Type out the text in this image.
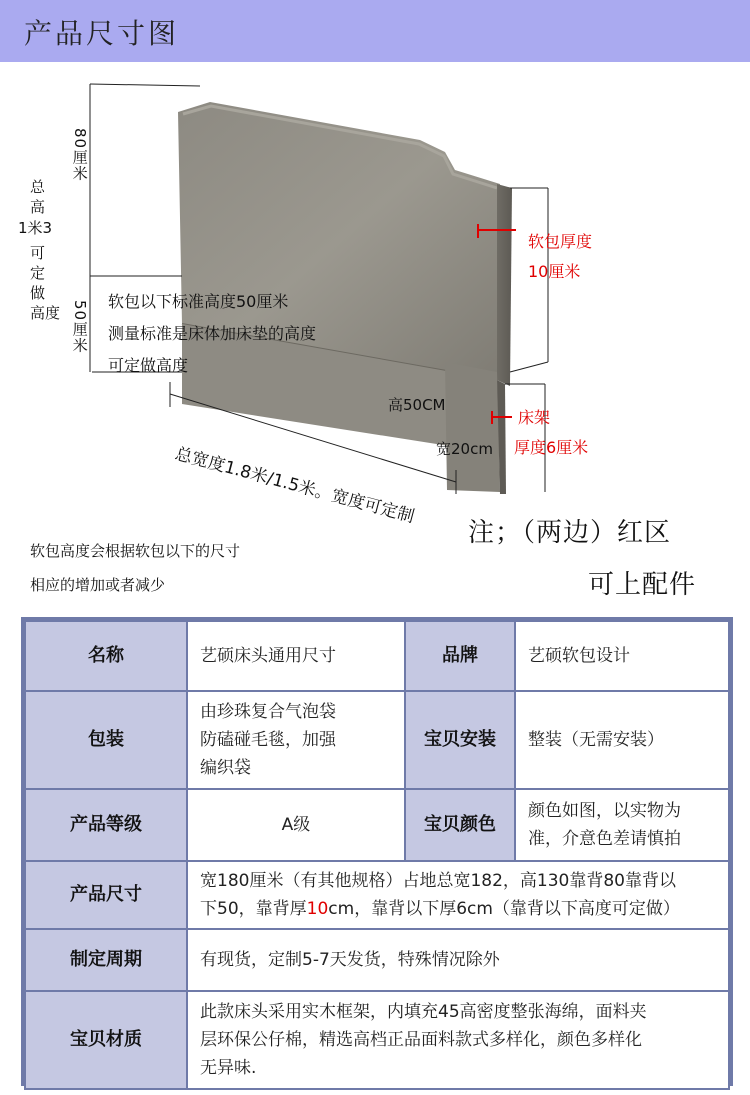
产品尺寸图
80厘米
总
高
1米3
可
定
做
高度 50厘米 软包以下标准高度50厘米
测量标准是床体加床垫的高度
可定做高度
软包厚度
10厘米
高50CM
宽20cm
床架
厚度6厘米
总宽度1.8米/1.5米。宽度可定制
注；（两边）红区
可上配件
软包高度会根据软包以下的尺寸
相应的增加或者减少
名称	艺硕床头通用尺寸	品牌	艺硕软包设计
包装	由珍珠复合气泡袋
防磕碰毛毯，加强
编织袋	宝贝安装	整装（无需安装）
产品等级	A级	宝贝颜色	颜色如图，以实物为
准，介意色差请慎拍

产品尺寸	宽180厘米（有其他规格）占地总宽182，高130靠背80靠背以
下50，靠背厚10cm，靠背以下厚6cm（靠背以下高度可定做）		

制定周期	有现货，定制5-7天发货，特殊情况除外		
宝贝材质	此款床头采用实木框架，内填充45高密度整张海绵，面料夹
层环保公仔棉，精选高档正品面料款式多样化，颜色多样化
无异味.		
